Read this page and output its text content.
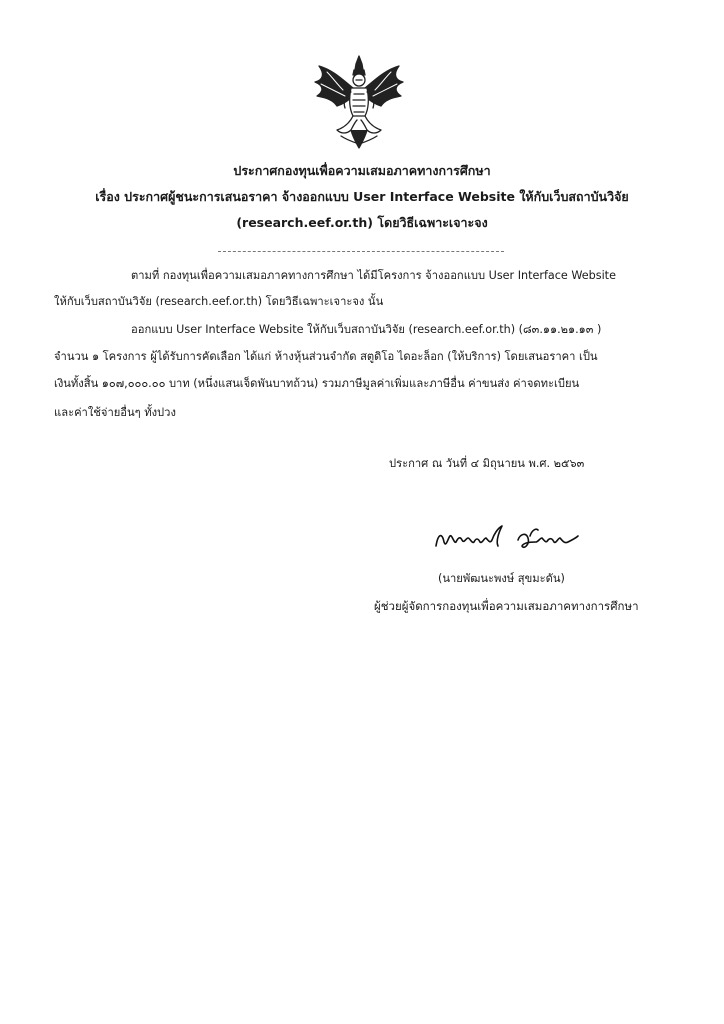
ประกาศกองทุนเพื่อความเสมอภาคทางการศึกษา
เรื่อง ประกาศผู้ชนะการเสนอราคา จ้างออกแบบ User Interface Website ให้กับเว็บสถาบันวิจัย
(research.eef.or.th) โดยวิธีเฉพาะเจาะจง
ตามที่ กองทุนเพื่อความเสมอภาคทางการศึกษา ได้มีโครงการ จ้างออกแบบ User Interface Website
ให้กับเว็บสถาบันวิจัย (research.eef.or.th) โดยวิธีเฉพาะเจาะจง นั้น
ออกแบบ User Interface Website ให้กับเว็บสถาบันวิจัย (research.eef.or.th) (๘๓.๑๑.๒๑.๑๓ )
จำนวน ๑ โครงการ ผู้ได้รับการคัดเลือก ได้แก่ ห้างหุ้นส่วนจำกัด สตูดิโอ ไดอะล็อก (ให้บริการ) โดยเสนอราคา เป็น
เงินทั้งสิ้น ๑๐๗,๐๐๐.๐๐ บาท (หนึ่งแสนเจ็ดพันบาทถ้วน) รวมภาษีมูลค่าเพิ่มและภาษีอื่น ค่าขนส่ง ค่าจดทะเบียน
และค่าใช้จ่ายอื่นๆ ทั้งปวง
ประกาศ ณ วันที่ ๔ มิถุนายน พ.ศ. ๒๕๖๓
(นายพัฒนะพงษ์ สุขมะดัน)
ผู้ช่วยผู้จัดการกองทุนเพื่อความเสมอภาคทางการศึกษา
